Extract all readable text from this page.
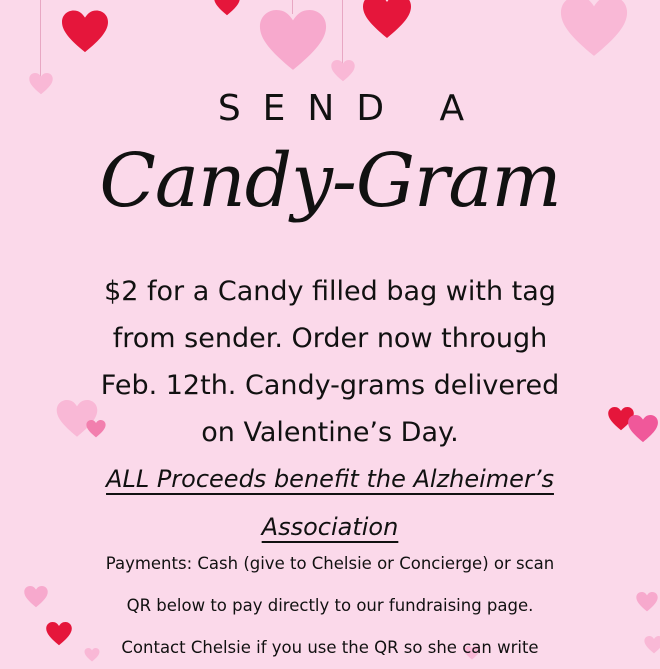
SEND A
Candy-Gram
$2 for a Candy filled bag with tag
from sender. Order now through
Feb. 12th. Candy-grams delivered
on Valentine’s Day.
ALL Proceeds benefit the Alzheimer’s
Association
Payments: Cash (give to Chelsie or Concierge) or scan
QR below to pay directly to our fundraising page.
Contact Chelsie if you use the QR so she can write
